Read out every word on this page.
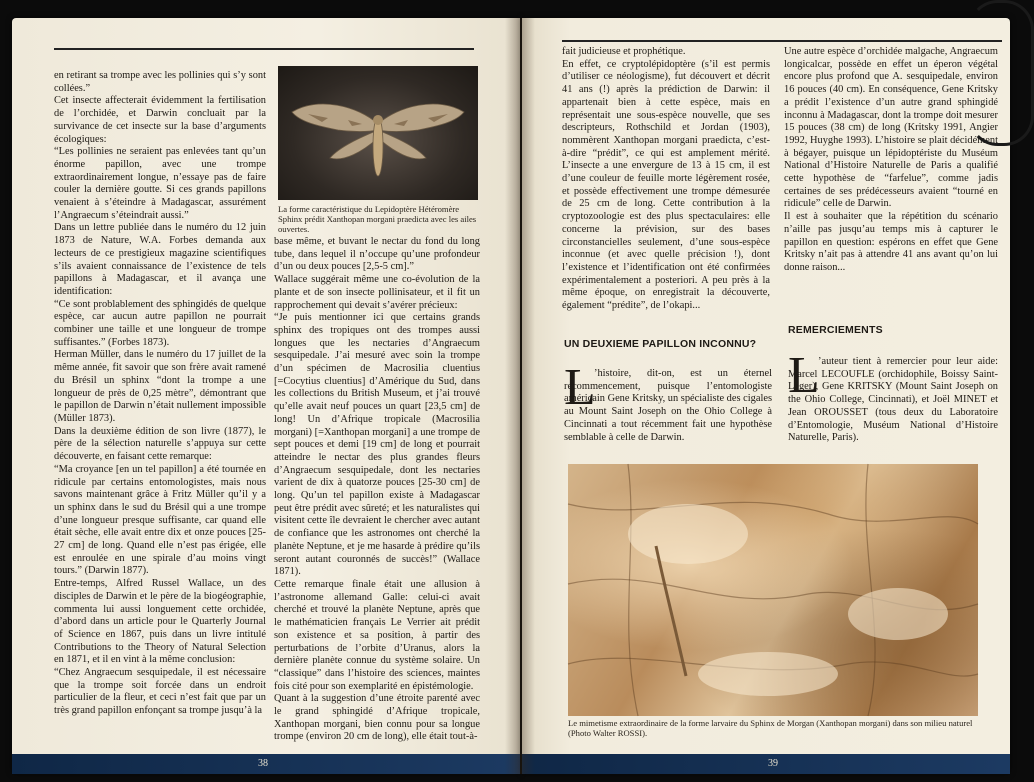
en retirant sa trompe avec les pollinies qui s’y sont collées.”

Cet insecte affecterait évidemment la fertilisation de l’orchidée, et Darwin concluait par la survivance de cet insecte sur la base d’arguments écologiques:

“Les pollinies ne seraient pas enlevées tant qu’un énorme papillon, avec une trompe extraordinairement longue, n’essaye pas de faire couler la dernière goutte. Si ces grands papillons venaient à s’éteindre à Madagascar, assurément l’Angraecum s’éteindrait aussi.”

Dans un lettre publiée dans le numéro du 12 juin 1873 de Nature, W.A. Forbes demanda aux lecteurs de ce prestigieux magazine scientifiques s’ils avaient connaissance de l’existence de tels papillons à Madagascar, et il avança une identification:

“Ce sont problablement des sphingidés de quelque espèce, car aucun autre papillon ne pourrait combiner une taille et une longueur de trompe suffisantes.” (Forbes 1873).

Herman Müller, dans le numéro du 17 juillet de la même année, fit savoir que son frère avait ramené du Brésil un sphinx “dont la trompe a une longueur de près de 0,25 mètre”, démontrant que le papillon de Darwin n’était nullement impossible (Müller 1873).

Dans la deuxième édition de son livre (1877), le père de la sélection naturelle s’appuya sur cette découverte, en faisant cette remarque:

“Ma croyance [en un tel papillon] a été tournée en ridicule par certains entomologistes, mais nous savons maintenant grâce à Fritz Müller qu’il y a un sphinx dans le sud du Brésil qui a une trompe d’une longueur presque suffisante, car quand elle était sèche, elle avait entre dix et onze pouces [25-27 cm] de long. Quand elle n’est pas érigée, elle est enroulée en une spirale d’au moins vingt tours.” (Darwin 1877).

Entre-temps, Alfred Russel Wallace, un des disciples de Darwin et le père de la biogéographie, commenta lui aussi longuement cette orchidée, d’abord dans un article pour le Quarterly Journal of Science en 1867, puis dans un livre intitulé Contributions to the Theory of Natural Selection en 1871, et il en vint à la même conclusion:

“Chez Angraecum sesquipedale, il est nécessaire que la trompe soit forcée dans un endroit particulier de la fleur, et ceci n’est fait que par un très grand papillon enfonçant sa trompe jusqu’à la

La forme caractéristique du Lepidoptère Hétéromère Sphinx prédit Xanthopan morgani praedicta avec les ailes ouvertes.

base même, et buvant le nectar du fond du long tube, dans lequel il n’occupe qu’une profondeur d’un ou deux pouces [2,5-5 cm].”

Wallace suggérait même une co-évolution de la plante et de son insecte pollinisateur, et il fit un rapprochement qui devait s’avérer précieux:

“Je puis mentionner ici que certains grands sphinx des tropiques ont des trompes aussi longues que les nectaries d’Angraecum sesquipedale. J’ai mesuré avec soin la trompe d’un spécimen de Macrosilia cluentius [=Cocytius cluentius] d’Amérique du Sud, dans les collections du British Museum, et j’ai trouvé qu’elle avait neuf pouces un quart [23,5 cm] de long! Un d’Afrique tropicale (Macrosilia morgani) [=Xanthopan morgani] a une trompe de sept pouces et demi [19 cm] de long et pourrait atteindre le nectar des plus grandes fleurs d’Angraecum sesquipedale, dont les nectaries varient de dix à quatorze pouces [25-30 cm] de long. Qu’un tel papillon existe à Madagascar peut être prédit avec sûreté; et les naturalistes qui visitent cette île devraient le chercher avec autant de confiance que les astronomes ont cherché la planète Neptune, et je me hasarde à prédire qu’ils seront autant couronnés de succès!” (Wallace 1871).

Cette remarque finale était une allusion à l’astronome allemand Galle: celui-ci avait cherché et trouvé la planète Neptune, après que le mathématicien français Le Verrier ait prédit son existence et sa position, à partir des perturbations de l’orbite d’Uranus, alors la dernière planète connue du système solaire. Un “classique” dans l’histoire des sciences, maintes fois cité pour son exemplarité en épistémologie.

Quant à la suggestion d’une étroite parenté avec le grand sphingidé d’Afrique tropicale, Xanthopan morgani, bien connu pour sa longue trompe (environ 20 cm de long), elle était tout-à-

38

fait judicieuse et prophétique.

En effet, ce cryptolépidoptère (s’il est permis d’utiliser ce néologisme), fut découvert et décrit 41 ans (!) après la prédiction de Darwin: il appartenait bien à cette espèce, mais en représentait une sous-espèce nouvelle, que ses descripteurs, Rothschild et Jordan (1903), nommèrent Xanthopan morgani praedicta, c’est-à-dire “prédit”, ce qui est amplement mérité. L’insecte a une envergure de 13 à 15 cm, il est d’une couleur de feuille morte légèrement rosée, et possède effectivement une trompe démesurée de 25 cm de long. Cette contribution à la cryptozoologie est des plus spectaculaires: elle concerne la prévision, sur des bases circonstancielles seulement, d’une sous-espèce inconnue (et avec quelle précision !), dont l’existence et l’identification ont été confirmées expérimentalement a posteriori. A peu près à la même époque, on enregistrait la découverte, également “prédite”, de l’okapi...

Une autre espèce d’orchidée malgache, Angraecum longicalcar, possède en effet un éperon végétal encore plus profond que A. sesquipedale, environ 16 pouces (40 cm). En conséquence, Gene Kritsky a prédit l’existence d’un autre grand sphingidé inconnu à Madagascar, dont la trompe doit mesurer 15 pouces (38 cm) de long (Kritsky 1991, Angier 1992, Huyghe 1993). L’histoire se plait décidément à bégayer, puisque un lépidoptériste du Muséum National d’Histoire Naturelle de Paris a qualifié cette hypothèse de “farfelue”, comme jadis certaines de ses prédécesseurs avaient “tourné en ridicule” celle de Darwin.

Il est à souhaiter que la répétition du scénario n’aille pas jusqu’au temps mis à capturer le papillon en question: espérons en effet que Gene Kritsky n’ait pas à attendre 41 ans avant qu’on lui donne raison...

UN DEUXIEME PAPILLON INCONNU?
REMERCIEMENTS
L

’histoire, dit-on, est un éternel recommencement, puisque l’entomologiste américain Gene Kritsky, un spécialiste des cigales au Mount Saint Joseph on the Ohio College à Cincinnati a tout récemment fait une hypothèse semblable à celle de Darwin.

L

’auteur tient à remercier pour leur aide: Marcel LECOUFLE (orchidophile, Boissy Saint-Léger), Gene KRITSKY (Mount Saint Joseph on the Ohio College, Cincinnati), et Joël MINET et Jean OROUSSET (tous deux du Laboratoire d’Entomologie, Muséum National d’Histoire Naturelle, Paris).

Le mimetisme extraordinaire de la forme larvaire du Sphinx de Morgan (Xanthopan morgani) dans son milieu naturel (Photo Walter ROSSI).
39
